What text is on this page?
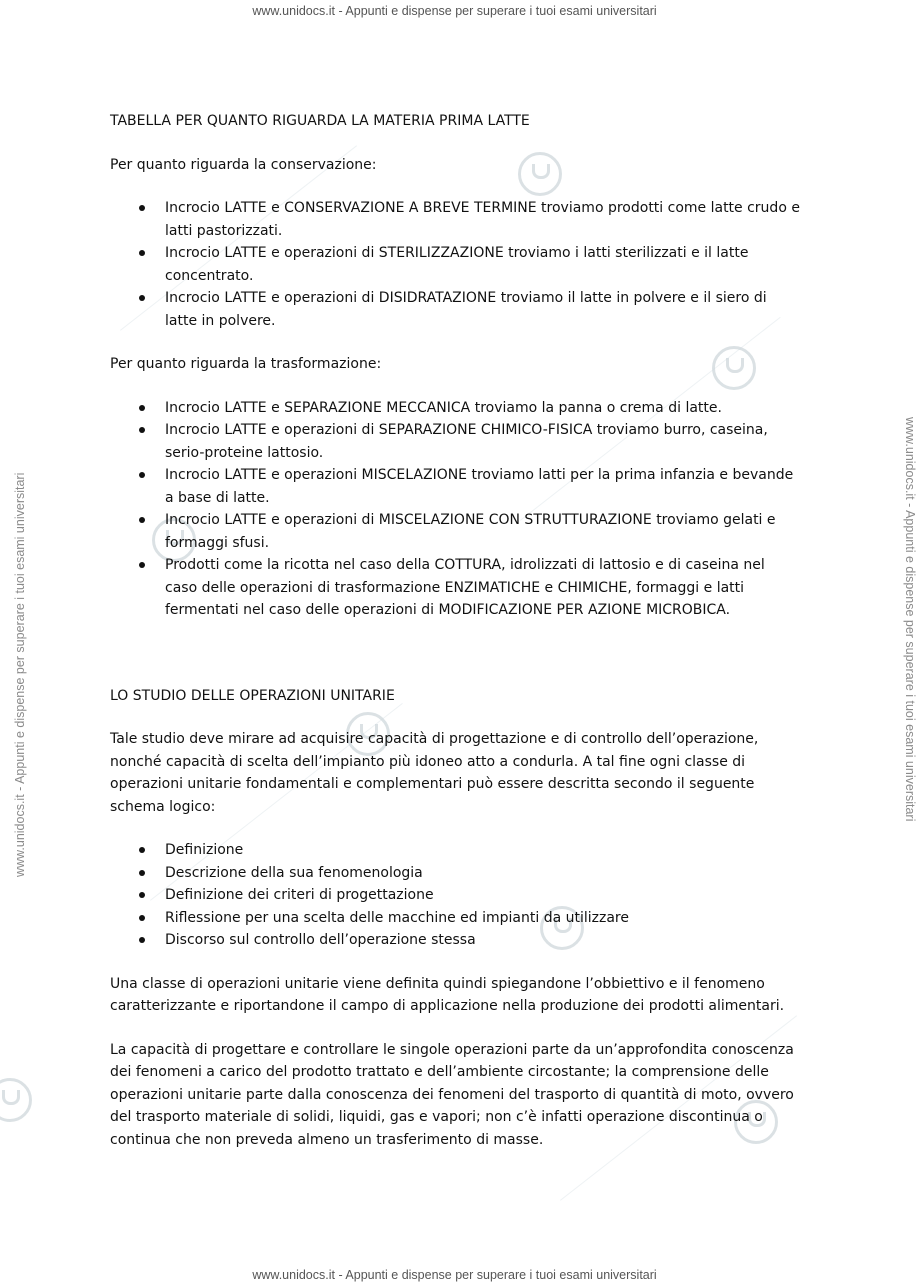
www.unidocs.it - Appunti e dispense per superare i tuoi esami universitari
www.unidocs.it - Appunti e dispense per superare i tuoi esami universitari
www.unidocs.it - Appunti e dispense per superare i tuoi esami universitari	www.unidocs.it - Appunti e dispense per superare i tuoi esami universitari

TABELLA PER QUANTO RIGUARDA LA MATERIA PRIMA LATTE

Per quanto riguarda la conservazione:

Incrocio LATTE e CONSERVAZIONE A BREVE TERMINE troviamo prodotti come latte crudo e latti pastorizzati.
Incrocio LATTE e operazioni di STERILIZZAZIONE troviamo i latti sterilizzati e il latte concentrato.
Incrocio LATTE e operazioni di DISIDRATAZIONE troviamo il latte in polvere e il siero di latte in polvere.

Per quanto riguarda la trasformazione:

Incrocio LATTE e SEPARAZIONE MECCANICA troviamo la panna o crema di latte.
Incrocio LATTE e operazioni di SEPARAZIONE CHIMICO-FISICA troviamo burro, caseina, serio-proteine lattosio.
Incrocio LATTE e operazioni MISCELAZIONE troviamo latti per la prima infanzia e bevande a base di latte.
Incrocio LATTE e operazioni di MISCELAZIONE CON STRUTTURAZIONE troviamo gelati e formaggi sfusi.
Prodotti come la ricotta nel caso della COTTURA, idrolizzati di lattosio e di caseina nel caso delle operazioni di trasformazione ENZIMATICHE e CHIMICHE, formaggi e latti fermentati nel caso delle operazioni di MODIFICAZIONE PER AZIONE MICROBICA.

LO STUDIO DELLE OPERAZIONI UNITARIE

Tale studio deve mirare ad acquisire capacità di progettazione e di controllo dell’operazione, nonché capacità di scelta dell’impianto più idoneo atto a condurla. A tal fine ogni classe di operazioni unitarie fondamentali e complementari può essere descritta secondo il seguente schema logico:

Definizione
Descrizione della sua fenomenologia
Definizione dei criteri di progettazione
Riflessione per una scelta delle macchine ed impianti da utilizzare
Discorso sul controllo dell’operazione stessa

Una classe di operazioni unitarie viene definita quindi spiegandone l’obbiettivo e il fenomeno caratterizzante e riportandone il campo di applicazione nella produzione dei prodotti alimentari.

La capacità di progettare e controllare le singole operazioni parte da un’approfondita conoscenza dei fenomeni a carico del prodotto trattato e dell’ambiente circostante; la comprensione delle operazioni unitarie parte dalla conoscenza dei fenomeni del trasporto di quantità di moto, ovvero del trasporto materiale di solidi, liquidi, gas e vapori; non c’è infatti operazione discontinua o continua che non preveda almeno un trasferimento di masse.
